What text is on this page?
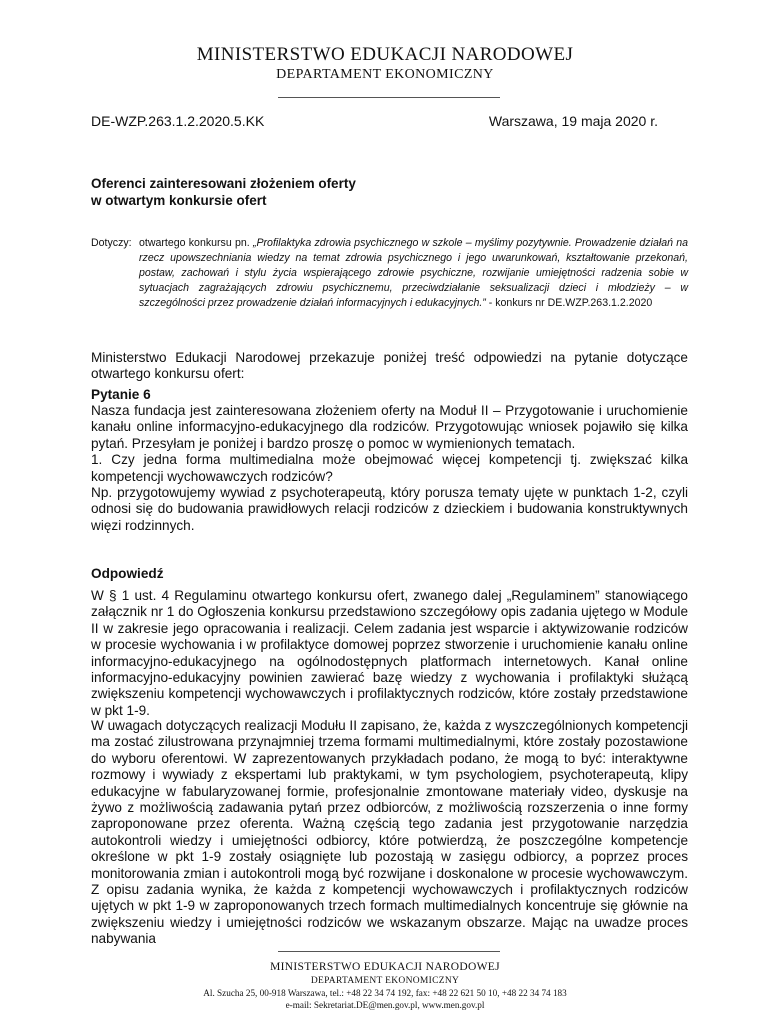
MINISTERSTWO EDUKACJI NARODOWEJ
DEPARTAMENT EKONOMICZNY
DE-WZP.263.1.2.2020.5.KK	Warszawa, 19 maja 2020 r.
Oferenci zainteresowani złożeniem oferty
w otwartym konkursie ofert
Dotyczy: otwartego konkursu pn. „Profilaktyka zdrowia psychicznego w szkole – myślimy pozytywnie. Prowadzenie działań na rzecz upowszechniania wiedzy na temat zdrowia psychicznego i jego uwarunkowań, kształtowanie przekonań, postaw, zachowań i stylu życia wspierającego zdrowie psychiczne, rozwijanie umiejętności radzenia sobie w sytuacjach zagrażających zdrowiu psychicznemu, przeciwdziałanie seksualizacji dzieci i młodzieży – w szczególności przez prowadzenie działań informacyjnych i edukacyjnych.” - konkurs nr DE.WZP.263.1.2.2020

Ministerstwo Edukacji Narodowej przekazuje poniżej treść odpowiedzi na pytanie dotyczące otwartego konkursu ofert:

Pytanie 6

Nasza fundacja jest zainteresowana złożeniem oferty na Moduł II – Przygotowanie i uruchomienie kanału online informacyjno-edukacyjnego dla rodziców. Przygotowując wniosek pojawiło się kilka pytań. Przesyłam je poniżej i bardzo proszę o pomoc w wymienionych tematach.
1. Czy jedna forma multimedialna może obejmować więcej kompetencji tj. zwiększać kilka kompetencji wychowawczych rodziców?
Np. przygotowujemy wywiad z psychoterapeutą, który porusza tematy ujęte w punktach 1-2, czyli odnosi się do budowania prawidłowych relacji rodziców z dzieckiem i budowania konstruktywnych więzi rodzinnych.

Odpowiedź

W § 1 ust. 4 Regulaminu otwartego konkursu ofert, zwanego dalej „Regulaminem” stanowiącego załącznik nr 1 do Ogłoszenia konkursu przedstawiono szczegółowy opis zadania ujętego w Module II w zakresie jego opracowania i realizacji. Celem zadania jest wsparcie i aktywizowanie rodziców w procesie wychowania i w profilaktyce domowej poprzez stworzenie i uruchomienie kanału online informacyjno-edukacyjnego na ogólnodostępnych platformach internetowych. Kanał online informacyjno-edukacyjny powinien zawierać bazę wiedzy z wychowania i profilaktyki służącą zwiększeniu kompetencji wychowawczych i profilaktycznych rodziców, które zostały przedstawione w pkt 1-9.

W uwagach dotyczących realizacji Modułu II zapisano, że, każda z wyszczególnionych kompetencji ma zostać zilustrowana przynajmniej trzema formami multimedialnymi, które zostały pozostawione do wyboru oferentowi. W zaprezentowanych przykładach podano, że mogą to być: interaktywne rozmowy i wywiady z ekspertami lub praktykami, w tym psychologiem, psychoterapeutą, klipy edukacyjne w fabularyzowanej formie, profesjonalnie zmontowane materiały video, dyskusje na żywo z możliwością zadawania pytań przez odbiorców, z możliwością rozszerzenia o inne formy zaproponowane przez oferenta. Ważną częścią tego zadania jest przygotowanie narzędzia autokontroli wiedzy i umiejętności odbiorcy, które potwierdzą, że poszczególne kompetencje określone w pkt 1-9 zostały osiągnięte lub pozostają w zasięgu odbiorcy, a poprzez proces monitorowania zmian i autokontroli mogą być rozwijane i doskonalone w procesie wychowawczym. Z opisu zadania wynika, że każda z kompetencji wychowawczych i profilaktycznych rodziców ujętych w pkt 1-9 w zaproponowanych trzech formach multimedialnych koncentruje się głównie na zwiększeniu wiedzy i umiejętności rodziców we wskazanym obszarze. Mając na uwadze proces nabywania

MINISTERSTWO EDUKACJI NARODOWEJ
DEPARTAMENT EKONOMICZNY
Al. Szucha 25, 00-918 Warszawa, tel.: +48 22 34 74 192, fax: +48 22 621 50 10, +48 22 34 74 183
e-mail: Sekretariat.DE@men.gov.pl, www.men.gov.pl
